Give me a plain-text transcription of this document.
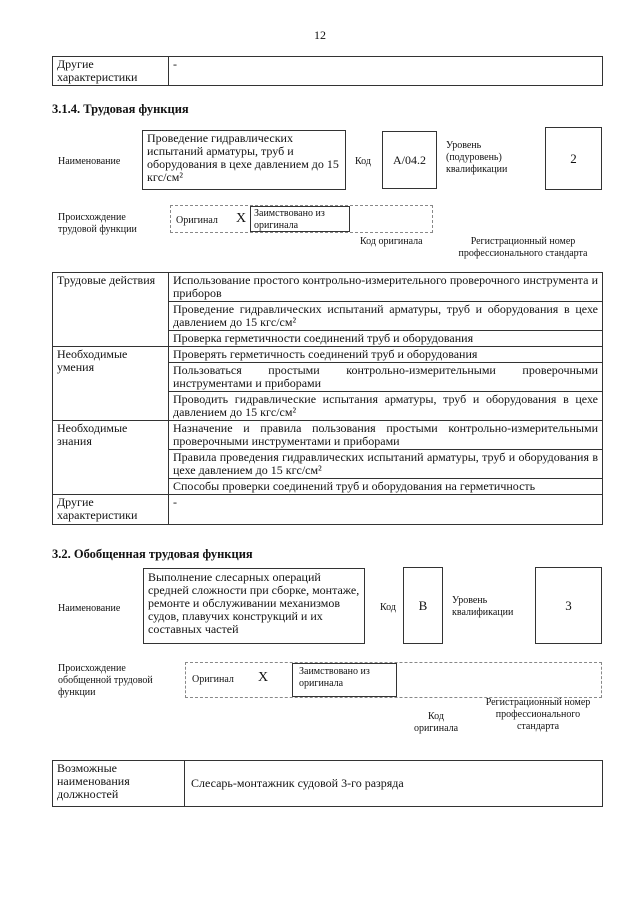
12
Другие характеристики	-
3.1.4. Трудовая функция
Наименование
Проведение гидравлических испытаний арматуры, труб и оборудования в цехе давлением до 15 кгс/см²
Код	A/04.2
Уровень (подуровень) квалификации
2
Происхождение трудовой функции
Оригинал X Заимствовано из оригинала
Код оригинала	Регистрационный номер профессионального стандарта
Трудовые действия	Использование простого контрольно-измерительного проверочного инструмента и приборов
	Проведение гидравлических испытаний арматуры, труб и оборудования в цехе давлением до 15 кгс/см²
	Проверка герметичности соединений труб и оборудования
Необходимые умения	Проверять герметичность соединений труб и оборудования
	Пользоваться простыми контрольно-измерительными проверочными инструментами и приборами
	Проводить гидравлические испытания арматуры, труб и оборудования в цехе давлением до 15 кгс/см²
Необходимые знания	Назначение и правила пользования простыми контрольно-измерительными проверочными инструментами и приборами
	Правила проведения гидравлических испытаний арматуры, труб и оборудования в цехе давлением до 15 кгс/см²
	Способы проверки соединений труб и оборудования на герметичность
Другие характеристики	-
3.2. Обобщенная трудовая функция
Наименование
Выполнение слесарных операций средней сложности при сборке, монтаже, ремонте и обслуживании механизмов судов, плавучих конструкций и их составных частей
Код	B	Уровень квалификации	3
Происхождение обобщенной трудовой функции
Оригинал X	Заимствовано из оригинала
Код оригинала
Регистрационный номер профессионального стандарта
Возможные наименования должностей	Слесарь-монтажник судовой 3-го разряда
